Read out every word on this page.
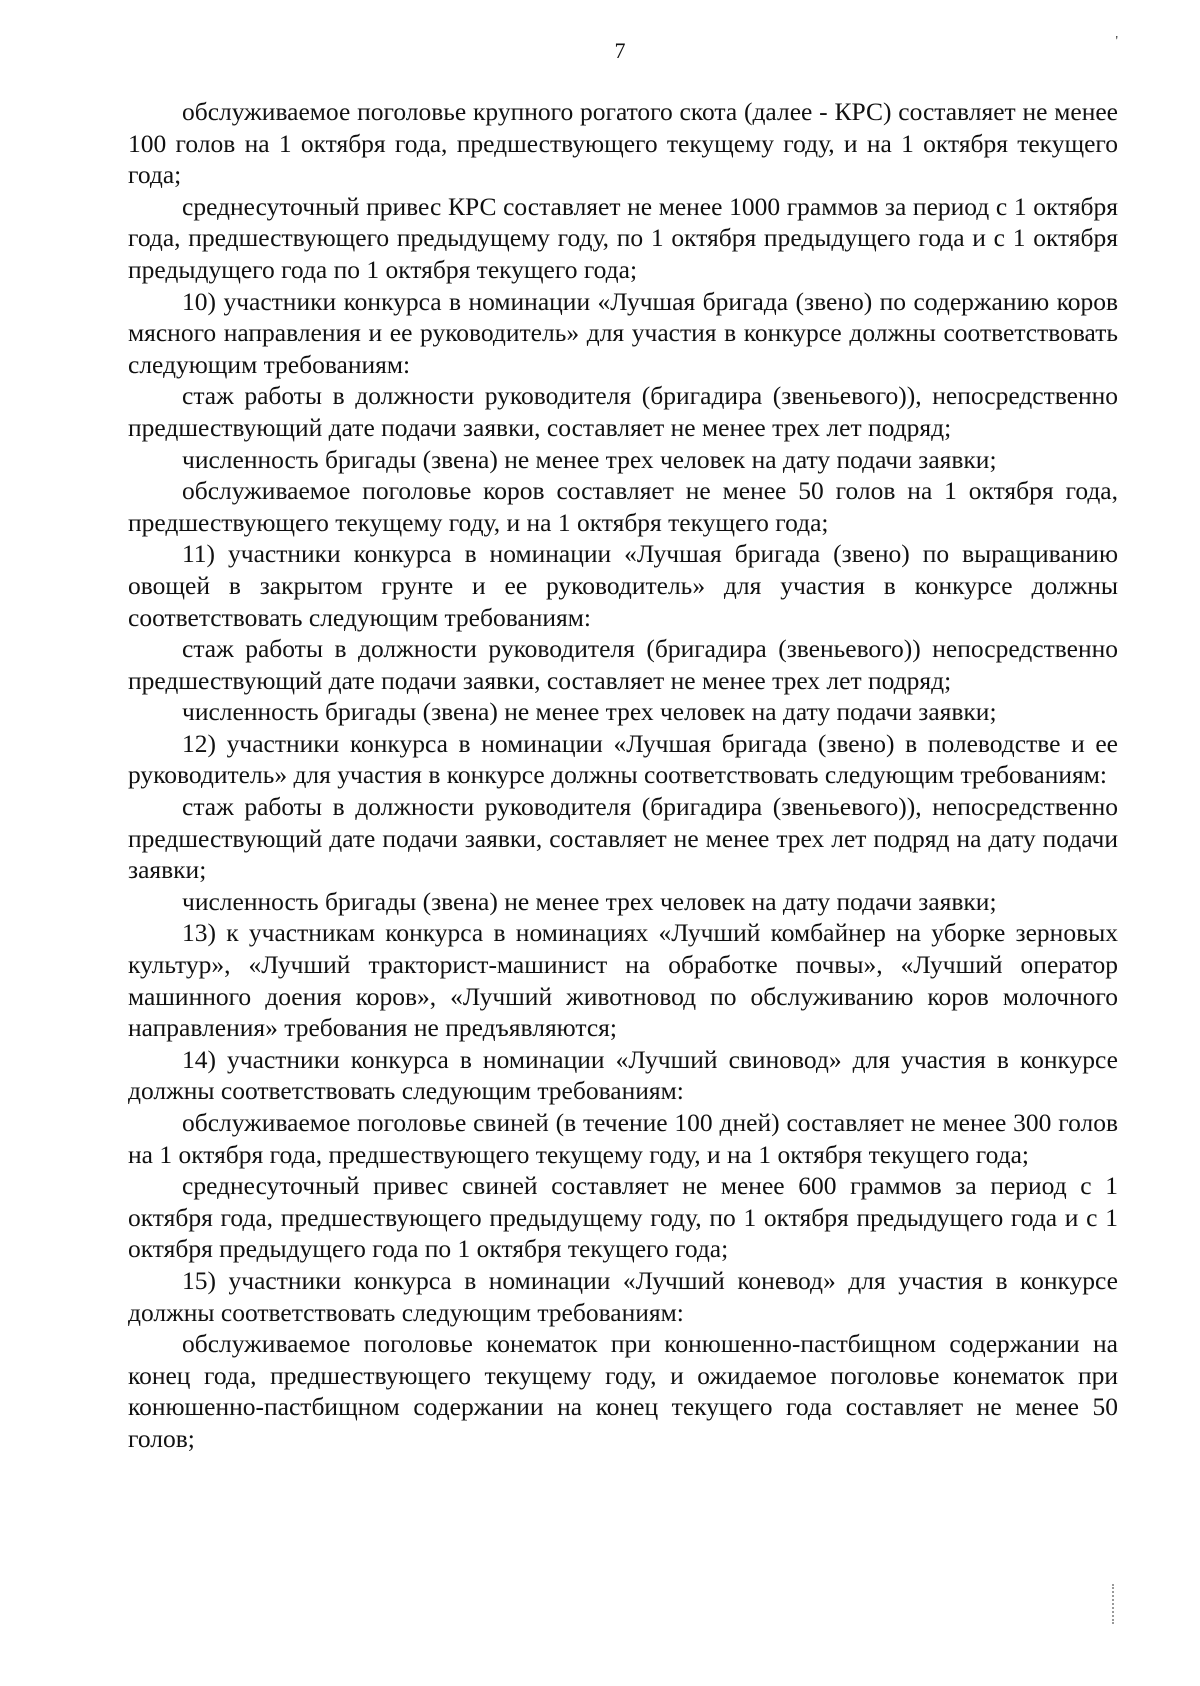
7	'

обслуживаемое поголовье крупного рогатого скота (далее - КРС) составляет не менее 100 голов на 1 октября года, предшествующего текущему году, и на 1 октября текущего года;

среднесуточный привес КРС составляет не менее 1000 граммов за период с 1 октября года, предшествующего предыдущему году, по 1 октября предыдущего года и с 1 октября предыдущего года по 1 октября текущего года;

10) участники конкурса в номинации «Лучшая бригада (звено) по содержанию коров мясного направления и ее руководитель» для участия в конкурсе должны соответствовать следующим требованиям:

стаж работы в должности руководителя (бригадира (звеньевого)), непосредственно предшествующий дате подачи заявки, составляет не менее трех лет подряд;

численность бригады (звена) не менее трех человек на дату подачи заявки;

обслуживаемое поголовье коров составляет не менее 50 голов на 1 октября года, предшествующего текущему году, и на 1 октября текущего года;

11) участники конкурса в номинации «Лучшая бригада (звено) по выращиванию овощей в закрытом грунте и ее руководитель» для участия в конкурсе должны соответствовать следующим требованиям:

стаж работы в должности руководителя (бригадира (звеньевого)) непосредственно предшествующий дате подачи заявки, составляет не менее трех лет подряд;

численность бригады (звена) не менее трех человек на дату подачи заявки;

12) участники конкурса в номинации «Лучшая бригада (звено) в полеводстве и ее руководитель» для участия в конкурсе должны соответствовать следующим требованиям:

стаж работы в должности руководителя (бригадира (звеньевого)), непосредственно предшествующий дате подачи заявки, составляет не менее трех лет подряд на дату подачи заявки;

численность бригады (звена) не менее трех человек на дату подачи заявки;

13) к участникам конкурса в номинациях «Лучший комбайнер на уборке зерновых культур», «Лучший тракторист-машинист на обработке почвы», «Лучший оператор машинного доения коров», «Лучший животновод по обслуживанию коров молочного направления» требования не предъявляются;

14) участники конкурса в номинации «Лучший свиновод» для участия в конкурсе должны соответствовать следующим требованиям:

обслуживаемое поголовье свиней (в течение 100 дней) составляет не менее 300 голов на 1 октября года, предшествующего текущему году, и на 1 октября текущего года;

среднесуточный привес свиней составляет не менее 600 граммов за период с 1 октября года, предшествующего предыдущему году, по 1 октября предыдущего года и с 1 октября предыдущего года по 1 октября текущего года;

15) участники конкурса в номинации «Лучший коневод» для участия в конкурсе должны соответствовать следующим требованиям:

обслуживаемое поголовье конематок при конюшенно-пастбищном содержании на конец года, предшествующего текущему году, и ожидаемое поголовье конематок при конюшенно-пастбищном содержании на конец текущего года составляет не менее 50 голов;
